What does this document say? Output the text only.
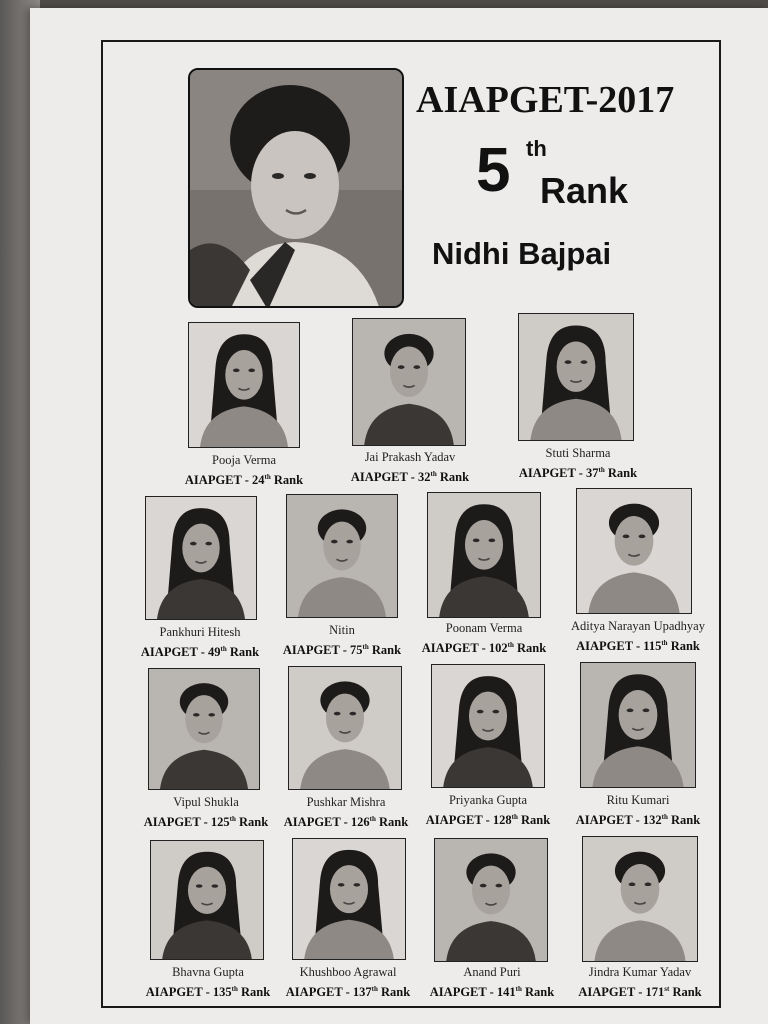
AIAPGET-2017
5 th
Rank
Nidhi Bajpai
Pooja Verma
AIAPGET - 24th Rank
Jai Prakash Yadav
AIAPGET - 32th Rank
Stuti Sharma
AIAPGET - 37th Rank
Pankhuri Hitesh
AIAPGET - 49th Rank
Nitin
AIAPGET - 75th Rank
Poonam Verma
AIAPGET - 102th Rank
Aditya Narayan Upadhyay
AIAPGET - 115th Rank
Vipul Shukla
AIAPGET - 125th Rank
Pushkar Mishra
AIAPGET - 126th Rank
Priyanka Gupta
AIAPGET - 128th Rank
Ritu Kumari
AIAPGET - 132th Rank
Bhavna Gupta
AIAPGET - 135th Rank
Khushboo Agrawal
AIAPGET - 137th Rank
Anand Puri
AIAPGET - 141th Rank
Jindra Kumar Yadav
AIAPGET - 171st Rank
